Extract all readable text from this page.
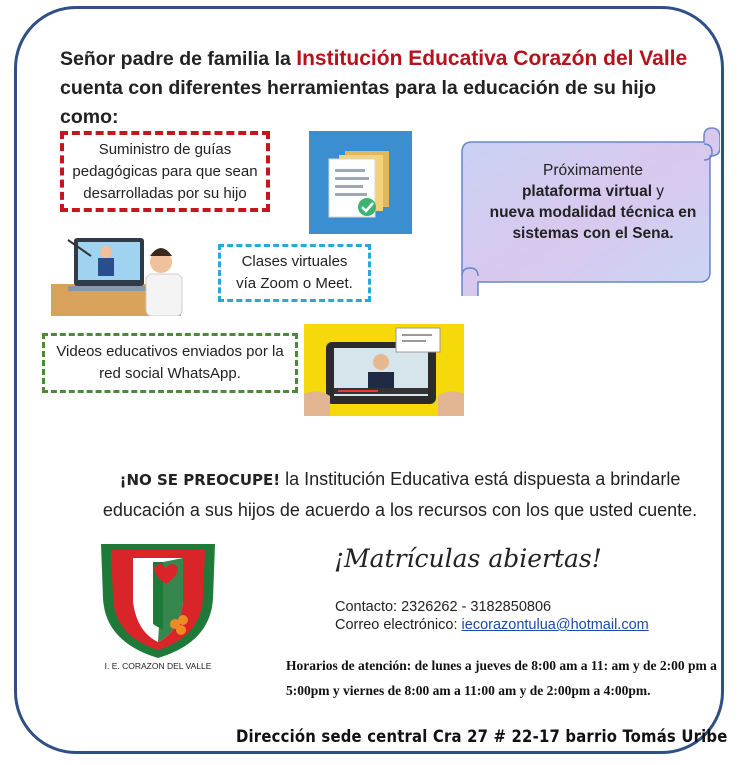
Señor padre de familia la Institución Educativa Corazón del Valle
cuenta con diferentes herramientas para la educación de su hijo como:
Suministro de guías pedagógicas para que sean desarrolladas por su hijo
Clases virtuales
vía Zoom o Meet.
Videos educativos enviados por la red social WhatsApp.
Próximamente
plataforma virtual y
nueva modalidad técnica en sistemas con el Sena.
¡NO SE PREOCUPE! la Institución Educativa está dispuesta a brindarle educación a sus hijos de acuerdo a los recursos con los que usted cuente.
I. E. CORAZON DEL VALLE
¡Matrículas abiertas!
Contacto: 2326262 - 3182850806
Correo electrónico: iecorazontulua@hotmail.com
Horarios de atención: de lunes a jueves de 8:00 am a 11: am y de 2:00 pm a 5:00pm y viernes de 8:00 am a 11:00 am y de 2:00pm a 4:00pm.
Dirección sede central Cra 27 # 22-17 barrio Tomás Uribe
